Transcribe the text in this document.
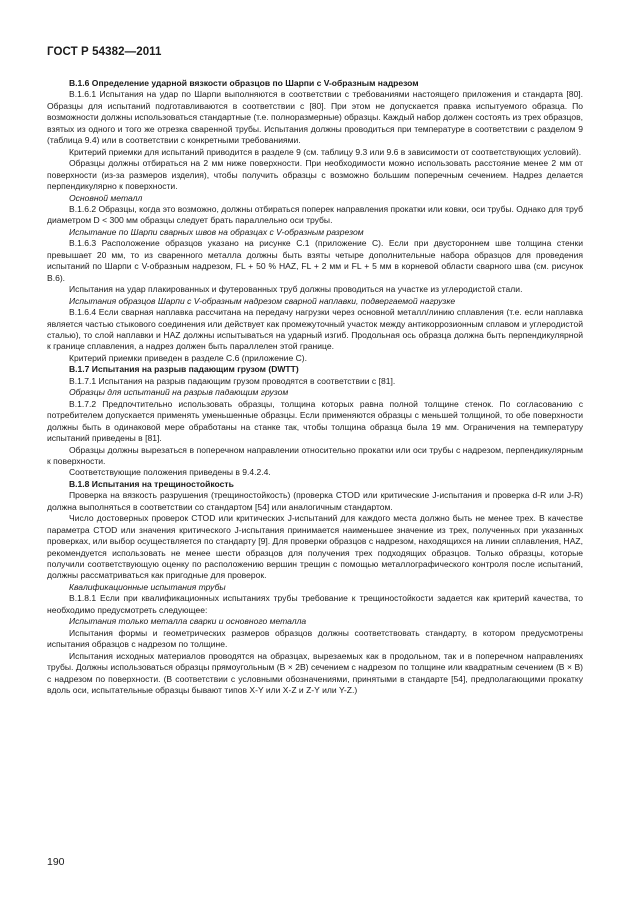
ГОСТ Р 54382—2011

В.1.6 Определение ударной вязкости образцов по Шарпи с V-образным надрезом

В.1.6.1 Испытания на удар по Шарпи выполняются в соответствии с требованиями настоящего приложения и стандарта [80]. Образцы для испытаний подготавливаются в соответствии с [80]. При этом не допускается правка испытуемого образца. По возможности должны использоваться стандартные (т.е. полноразмерные) образцы. Каждый набор должен состоять из трех образцов, взятых из одного и того же отрезка сваренной трубы. Испытания должны проводиться при температуре в соответствии с разделом 9 (таблица 9.4) или в соответствии с конкретными требованиями.

Критерий приемки для испытаний приводится в разделе 9 (см. таблицу 9.3 или 9.6 в зависимости от соответствующих условий).

Образцы должны отбираться на 2 мм ниже поверхности. При необходимости можно использовать расстояние менее 2 мм от поверхности (из-за размеров изделия), чтобы получить образцы с возможно большим поперечным сечением. Надрез делается перпендикулярно к поверхности.

Основной металл

В.1.6.2 Образцы, когда это возможно, должны отбираться поперек направления прокатки или ковки, оси трубы. Однако для труб диаметром D < 300 мм образцы следует брать параллельно оси трубы.

Испытание по Шарпи сварных швов на образцах с V-образным разрезом

В.1.6.3 Расположение образцов указано на рисунке С.1 (приложение С). Если при двустороннем шве толщина стенки превышает 20 мм, то из сваренного металла должны быть взяты четыре дополнительные набора образцов для проведения испытаний по Шарпи с V-образным надрезом, FL + 50 % HAZ, FL + 2 мм и FL + 5 мм в корневой области сварного шва (см. рисунок В.6).

Испытания на удар плакированных и футерованных труб должны проводиться на участке из углеродистой стали.

Испытания образцов Шарпи с V-образным надрезом сварной наплавки, подвергаемой нагрузке

В.1.6.4 Если сварная наплавка рассчитана на передачу нагрузки через основной металл/линию сплавления (т.е. если наплавка является частью стыкового соединения или действует как промежуточный участок между антикоррозионным сплавом и углеродистой сталью), то слой наплавки и HAZ должны испытываться на ударный изгиб. Продольная ось образца должна быть перпендикулярной к границе сплавления, а надрез должен быть параллелен этой границе.

Критерий приемки приведен в разделе С.6 (приложение С).

В.1.7 Испытания на разрыв падающим грузом (DWTT)

В.1.7.1 Испытания на разрыв падающим грузом проводятся в соответствии с [81].

Образцы для испытаний на разрыв падающим грузом

В.1.7.2 Предпочтительно использовать образцы, толщина которых равна полной толщине стенок. По согласованию с потребителем допускается применять уменьшенные образцы. Если применяются образцы с меньшей толщиной, то обе поверхности должны быть в одинаковой мере обработаны на станке так, чтобы толщина образца была 19 мм. Ограничения на температуру испытаний приведены в [81].

Образцы должны вырезаться в поперечном направлении относительно прокатки или оси трубы с надрезом, перпендикулярным к поверхности.

Соответствующие положения приведены в 9.4.2.4.

В.1.8 Испытания на трещиностойкость

Проверка на вязкость разрушения (трещиностойкость) (проверка CTOD или критические J-испытания и проверка d-R или J-R) должна выполняться в соответствии со стандартом [54] или аналогичным стандартом.

Число достоверных проверок CTOD или критических J-испытаний для каждого места должно быть не менее трех. В качестве параметра CTOD или значения критического J-испытания принимается наименьшее значение из трех, полученных при указанных проверках, или выбор осуществляется по стандарту [9]. Для проверки образцов с надрезом, находящихся на линии сплавления, HAZ, рекомендуется использовать не менее шести образцов для получения трех подходящих образцов. Только образцы, которые получили соответствующую оценку по расположению вершин трещин с помощью металлографического контроля после испытаний, должны рассматриваться как пригодные для проверок.

Квалификационные испытания трубы

В.1.8.1 Если при квалификационных испытаниях трубы требование к трещиностойкости задается как критерий качества, то необходимо предусмотреть следующее:

Испытания только металла сварки и основного металла

Испытания формы и геометрических размеров образцов должны соответствовать стандарту, в котором предусмотрены испытания образцов с надрезом по толщине.

Испытания исходных материалов проводятся на образцах, вырезаемых как в продольном, так и в поперечном направлениях трубы. Должны использоваться образцы прямоугольным (В × 2В) сечением с надрезом по толщине или квадратным сечением (В × В) с надрезом по поверхности. (В соответствии с условными обозначениями, принятыми в стандарте [54], предполагающими прокатку вдоль оси, испытательные образцы бывают типов X-Y или X-Z и Z-Y или Y-Z.)

190
